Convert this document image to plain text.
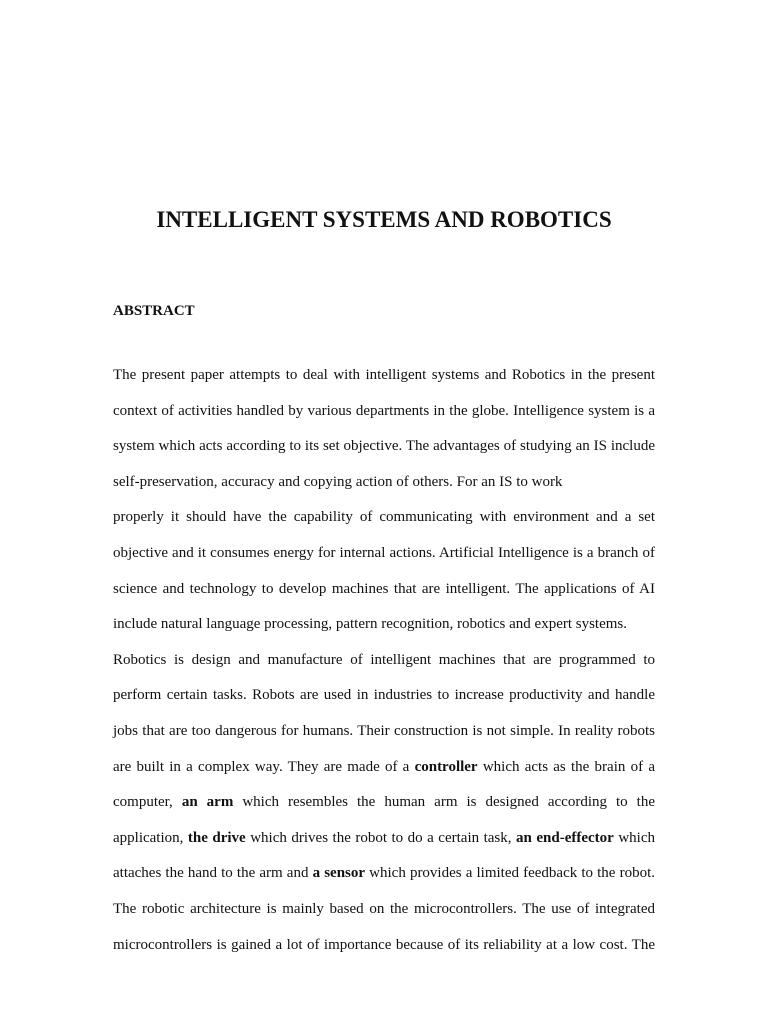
INTELLIGENT SYSTEMS AND ROBOTICS
ABSTRACT
The present paper attempts to deal with intelligent systems and Robotics in the present
context of activities handled by various departments in the globe. Intelligence system is a
system which acts according to its set objective. The advantages of studying an IS include
self-preservation, accuracy and copying action of others. For an IS to work
properly it should have the capability of communicating with environment and a set
objective and it consumes energy for internal actions. Artificial Intelligence is a branch of
science and technology to develop machines that are intelligent. The applications of AI
include natural language processing, pattern recognition, robotics and expert systems.
Robotics is design and manufacture of intelligent machines that are programmed to
perform certain tasks. Robots are used in industries to increase productivity and handle
jobs that are too dangerous for humans. Their construction is not simple. In reality robots
are built in a complex way. They are made of a controller which acts as the brain of a
computer, an arm which resembles the human arm is designed according to the
application, the drive which drives the robot to do a certain task, an end-effector which
attaches the hand to the arm and a sensor which provides a limited feedback to the robot.
The robotic architecture is mainly based on the microcontrollers. The use of integrated
microcontrollers is gained a lot of importance because of its reliability at a low cost. The
